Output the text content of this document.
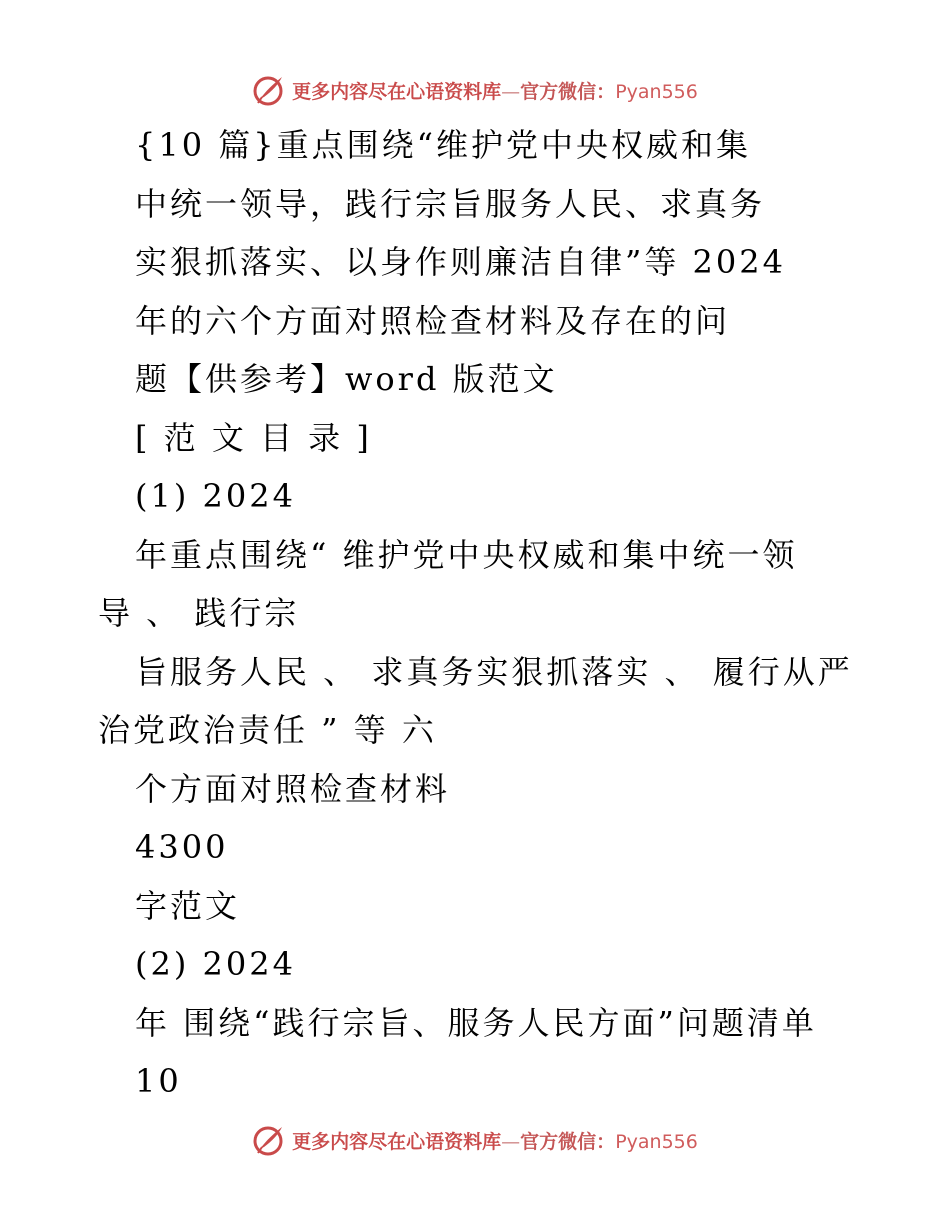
更多内容尽在心语资料库—官方微信：Pyan556
{10 篇}重点围绕“维护党中央权威和集
中统一领导，践行宗旨服务人民、求真务
实狠抓落实、以身作则廉洁自律”等 2024
年的六个方面对照检查材料及存在的问
题【供参考】word 版范文
[ 范 文 目 录 ]
(1) 2024
年重点围绕“ 维护党中央权威和集中统一领
导 、 践行宗
旨服务人民 、 求真务实狠抓落实 、 履行从严
治党政治责任 ” 等 六
个方面对照检查材料
4300
字范文
(2) 2024
年 围绕“践行宗旨、服务人民方面”问题清单
10
更多内容尽在心语资料库—官方微信：Pyan556
